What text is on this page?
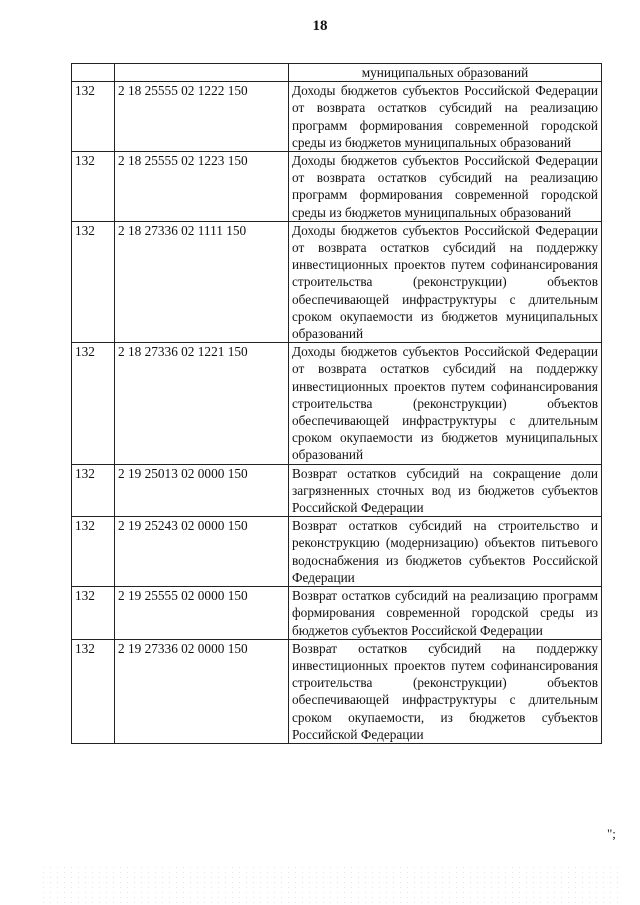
18
		муниципальных образований
132	2 18 25555 02 1222 150	Доходы бюджетов субъектов Российской Федерации от возврата остатков субсидий на реализацию программ формирования современной городской среды из бюджетов муниципальных образований
132	2 18 25555 02 1223 150	Доходы бюджетов субъектов Российской Федерации от возврата остатков субсидий на реализацию программ формирования современной городской среды из бюджетов муниципальных образований
132	2 18 27336 02 1111 150	Доходы бюджетов субъектов Российской Федерации от возврата остатков субсидий на поддержку инвестиционных проектов путем софинансирования строительства (реконструкции) объектов обеспечивающей инфраструктуры с длительным сроком окупаемости из бюджетов муниципальных образований
132	2 18 27336 02 1221 150	Доходы бюджетов субъектов Российской Федерации от возврата остатков субсидий на поддержку инвестиционных проектов путем софинансирования строительства (реконструкции) объектов обеспечивающей инфраструктуры с длительным сроком окупаемости из бюджетов муниципальных образований
132	2 19 25013 02 0000 150	Возврат остатков субсидий на сокращение доли загрязненных сточных вод из бюджетов субъектов Российской Федерации
132	2 19 25243 02 0000 150	Возврат остатков субсидий на строительство и реконструкцию (модернизацию) объектов питьевого водоснабжения из бюджетов субъектов Российской Федерации
132	2 19 25555 02 0000 150	Возврат остатков субсидий на реализацию программ формирования современной городской среды из бюджетов субъектов Российской Федерации
132	2 19 27336 02 0000 150	Возврат остатков субсидий на поддержку инвестиционных проектов путем софинансирования строительства (реконструкции) объектов обеспечивающей инфраструктуры с длительным сроком окупаемости, из бюджетов субъектов Российской Федерации
";
